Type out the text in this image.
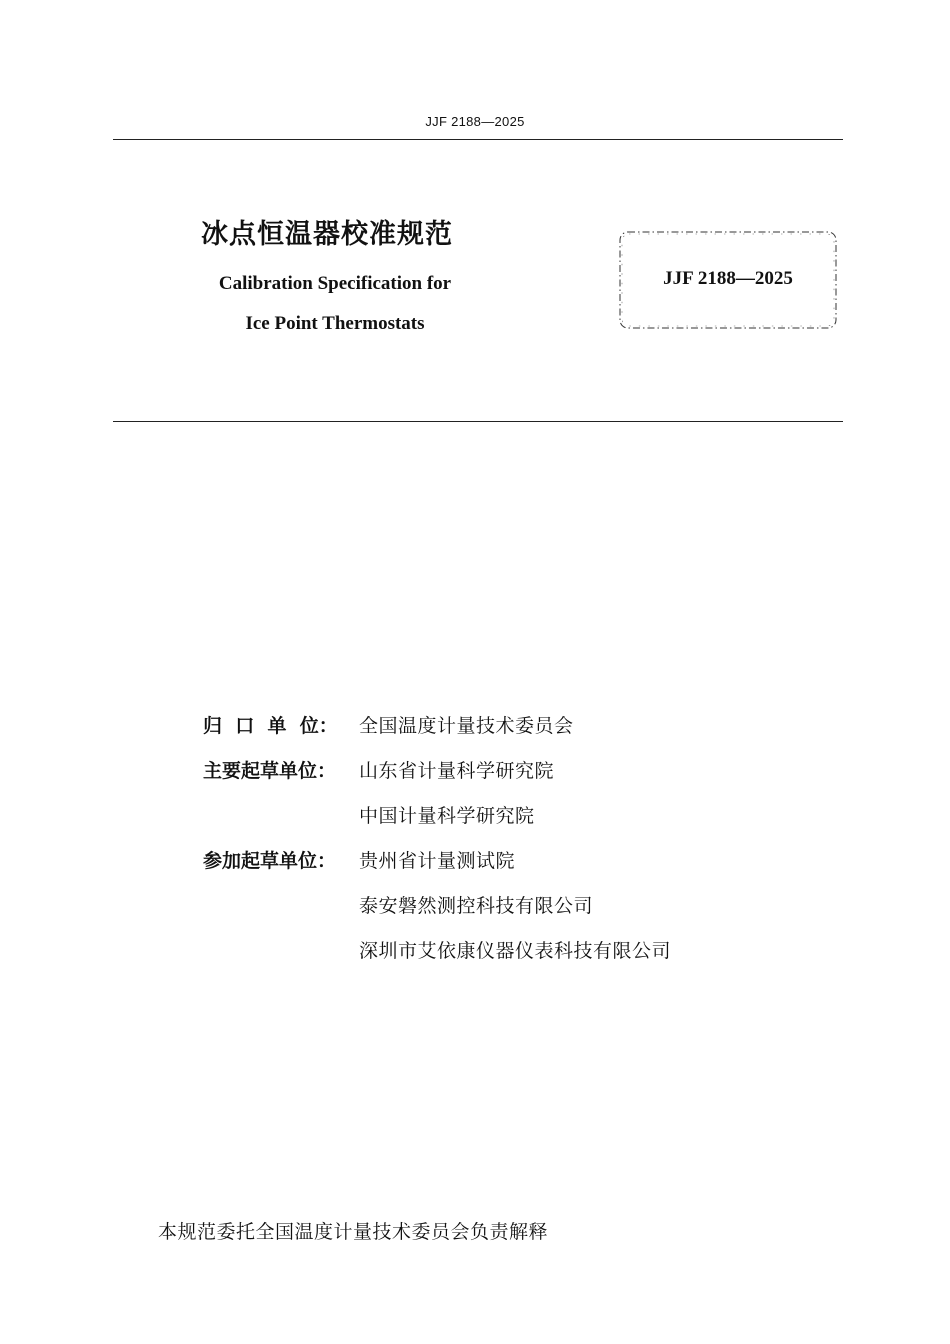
JJF 2188—2025
冰点恒温器校准规范
Calibration Specification for
Ice Point Thermostats
JJF 2188—2025
归  口  单  位：	全国温度计量技术委员会
主要起草单位：	山东省计量科学研究院
中国计量科学研究院
参加起草单位：	贵州省计量测试院
泰安磐然测控科技有限公司
深圳市艾依康仪器仪表科技有限公司
本规范委托全国温度计量技术委员会负责解释
